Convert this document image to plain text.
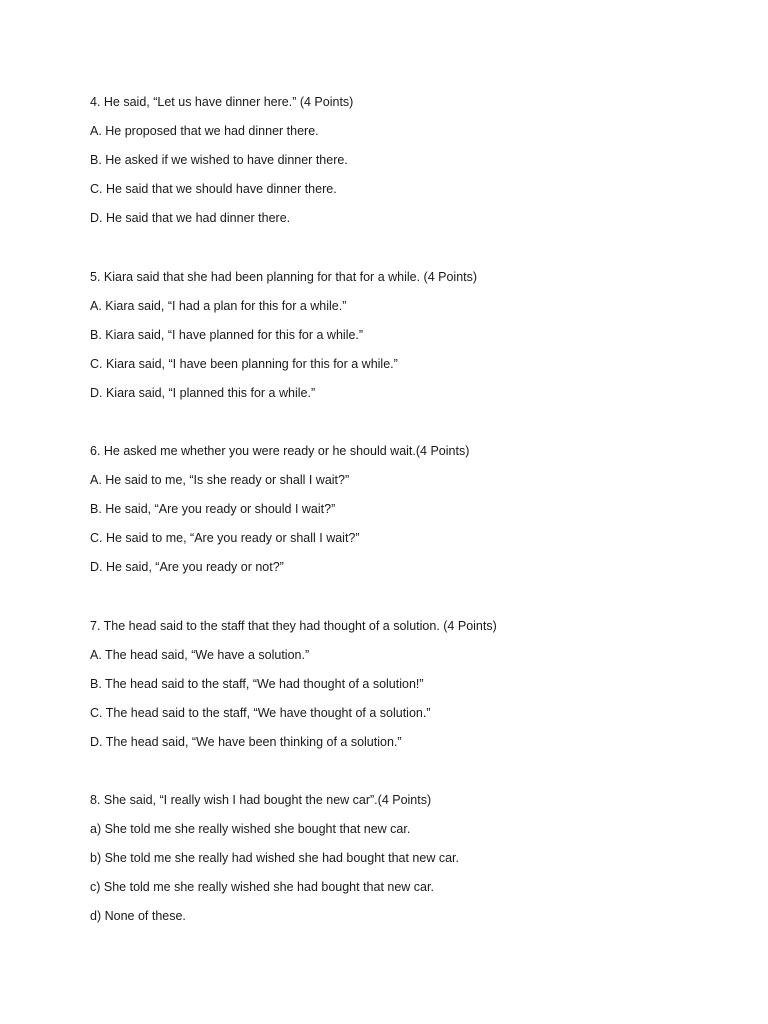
4. He said, “Let us have dinner here.” (4 Points)
A. He proposed that we had dinner there.
B. He asked if we wished to have dinner there.
C. He said that we should have dinner there.
D. He said that we had dinner there.
5. Kiara said that she had been planning for that for a while. (4 Points)
A. Kiara said, “I had a plan for this for a while.”
B. Kiara said, “I have planned for this for a while.”
C. Kiara said, “I have been planning for this for a while.”
D. Kiara said, “I planned this for a while.”
6. He asked me whether you were ready or he should wait.(4 Points)
A. He said to me, “Is she ready or shall I wait?”
B. He said, “Are you ready or should I wait?”
C. He said to me, “Are you ready or shall I wait?”
D. He said, “Are you ready or not?”
7. The head said to the staff that they had thought of a solution. (4 Points)
A. The head said, “We have a solution.”
B. The head said to the staff, “We had thought of a solution!”
C. The head said to the staff, “We have thought of a solution.”
D. The head said, “We have been thinking of a solution.”
8. She said, “I really wish I had bought the new car”.(4 Points)
a) She told me she really wished she bought that new car.
b) She told me she really had wished she had bought that new car.
c) She told me she really wished she had bought that new car.
d) None of these.
